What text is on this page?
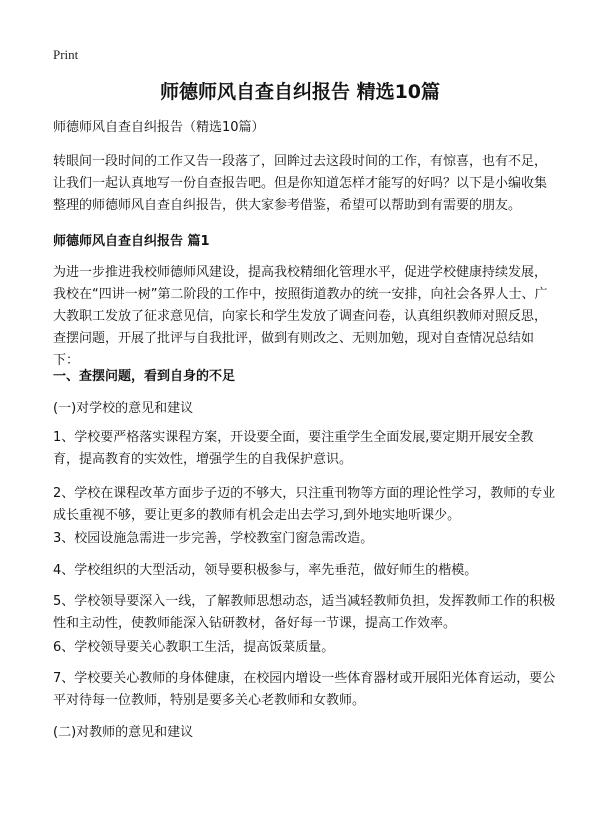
Print
师德师风自查自纠报告 精选10篇

师德师风自查自纠报告（精选10篇）

转眼间一段时间的工作又告一段落了，回眸过去这段时间的工作，有惊喜，也有不足，让我们一起认真地写一份自查报告吧。但是你知道怎样才能写的好吗？以下是小编收集整理的师德师风自查自纠报告，供大家参考借鉴，希望可以帮助到有需要的朋友。

师德师风自查自纠报告 篇1

为进一步推进我校师德师风建设，提高我校精细化管理水平，促进学校健康持续发展，我校在“四讲一树”第二阶段的工作中，按照街道教办的统一安排，向社会各界人士、广大教职工发放了征求意见信，向家长和学生发放了调查问卷，认真组织教师对照反思，查摆问题，开展了批评与自我批评，做到有则改之、无则加勉，现对自查情况总结如下：

一、查摆问题，看到自身的不足

(一)对学校的意见和建议

1、学校要严格落实课程方案，开设要全面，要注重学生全面发展,要定期开展安全教育，提高教育的实效性，增强学生的自我保护意识。

2、学校在课程改革方面步子迈的不够大，只注重刊物等方面的理论性学习，教师的专业成长重视不够，要让更多的教师有机会走出去学习,到外地实地听课少。

3、校园设施急需进一步完善，学校教室门窗急需改造。

4、学校组织的大型活动，领导要积极参与，率先垂范，做好师生的楷模。

5、学校领导要深入一线，了解教师思想动态，适当减轻教师负担，发挥教师工作的积极性和主动性，使教师能深入钻研教材，备好每一节课，提高工作效率。

6、学校领导要关心教职工生活，提高饭菜质量。

7、学校要关心教师的身体健康，在校园内增设一些体育器材或开展阳光体育运动，要公平对待每一位教师，特别是要多关心老教师和女教师。

(二)对教师的意见和建议
